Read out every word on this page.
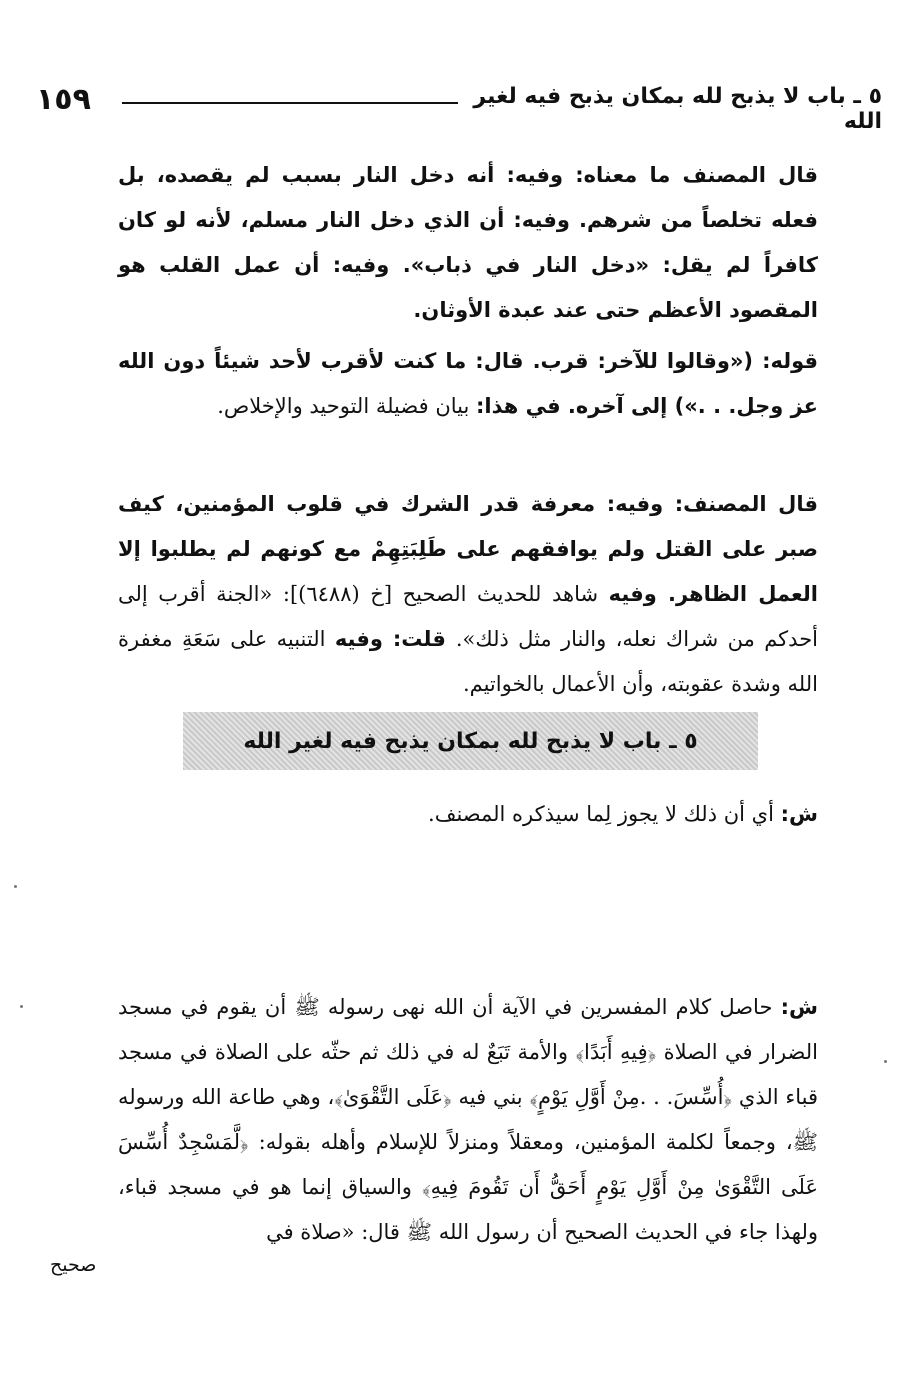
١٥٩	٥ ـ باب لا يذبح لله بمكان يذبح فيه لغير الله
قال المصنف ما معناه: وفيه: أنه دخل النار بسبب لم يقصده، بل فعله تخلصاً من شرهم. وفيه: أن الذي دخل النار مسلم، لأنه لو كان كافراً لم يقل: «دخل النار في ذباب». وفيه: أن عمل القلب هو المقصود الأعظم حتى عند عبدة الأوثان.
قوله: («وقالوا للآخر: قرب. قال: ما كنت لأقرب لأحد شيئاً دون الله عز وجل. . .») إلى آخره. في هذا: بيان فضيلة التوحيد والإخلاص.
قال المصنف: وفيه: معرفة قدر الشرك في قلوب المؤمنين، كيف صبر على القتل ولم يوافقهم على طَلِبَتِهِمْ مع كونهم لم يطلبوا إلا العمل الظاهر. وفيه شاهد للحديث الصحيح [خ (٦٤٨٨)]: «الجنة أقرب إلى أحدكم من شراك نعله، والنار مثل ذلك». قلت: وفيه التنبيه على سَعَةِ مغفرة الله وشدة عقوبته، وأن الأعمال بالخواتيم.
٥ ـ باب لا يذبح لله بمكان يذبح فيه لغير الله
ش: أي أن ذلك لا يجوز لِما سيذكره المصنف.
ش: حاصل كلام المفسرين في الآية أن الله نهى رسوله ﷺ أن يقوم في مسجد الضرار في الصلاة ﴿فِيهِ أَبَدًا﴾ والأمة تَبَعٌ له في ذلك ثم حثّه على الصلاة في مسجد قباء الذي ﴿أُسِّسَ. . .مِنْ أَوَّلِ يَوْمٍ﴾ بني فيه ﴿عَلَى التَّقْوَىٰ﴾، وهي طاعة الله ورسوله ﷺ، وجمعاً لكلمة المؤمنين، ومعقلاً ومنزلاً للإسلام وأهله بقوله: ﴿لَّمَسْجِدٌ أُسِّسَ عَلَى التَّقْوَىٰ مِنْ أَوَّلِ يَوْمٍ أَحَقُّ أَن تَقُومَ فِيهِ﴾ والسياق إنما هو في مسجد قباء، ولهذا جاء في الحديث الصحيح أن رسول الله ﷺ قال: «صلاة في
صحيح
